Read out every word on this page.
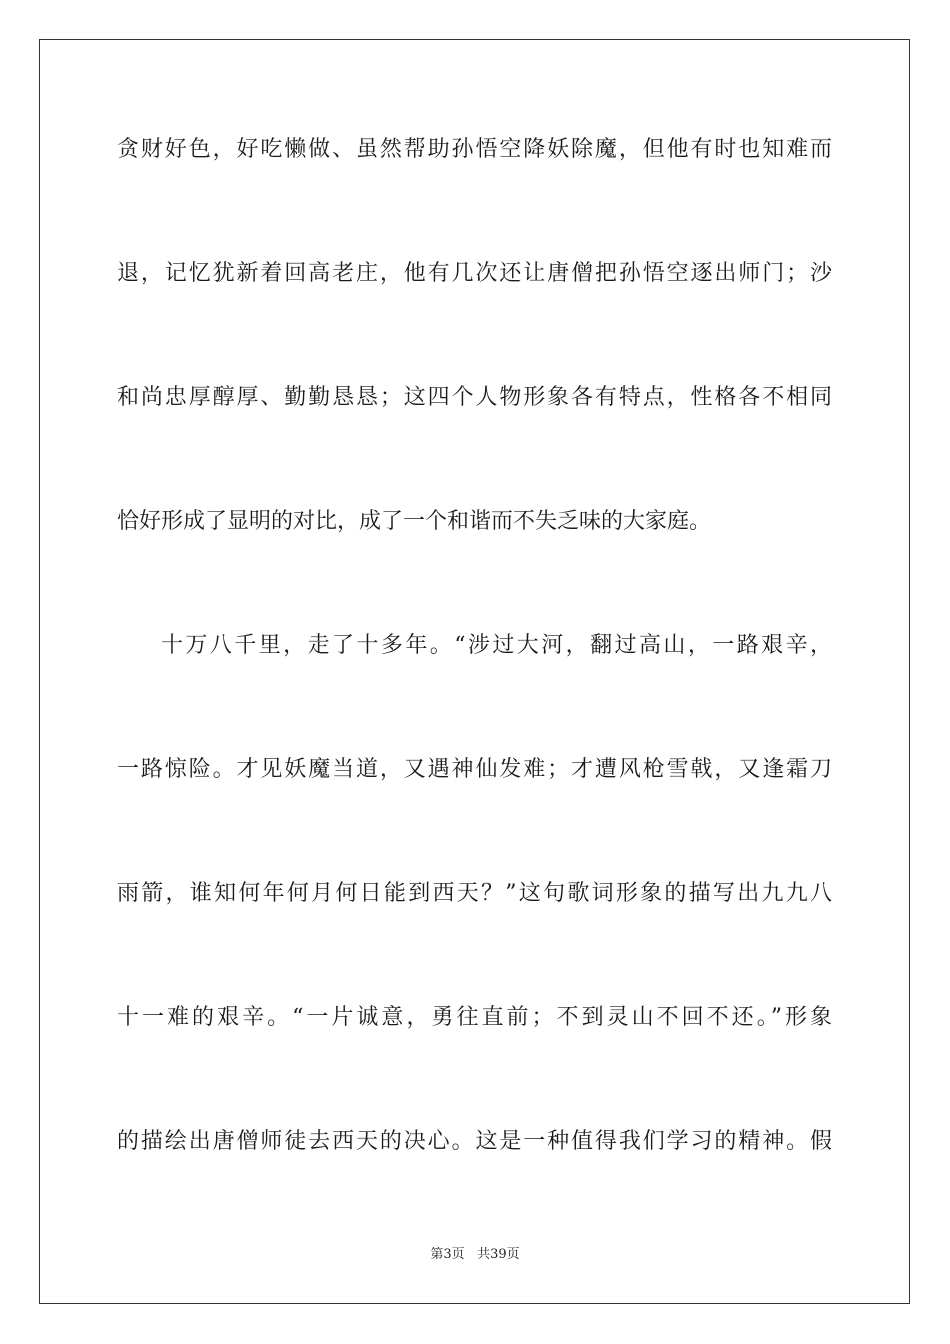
贪财好色，好吃懒做、虽然帮助孙悟空降妖除魔，但他有时也知难而
退，记忆犹新着回高老庄，他有几次还让唐僧把孙悟空逐出师门；沙
和尚忠厚醇厚、勤勤恳恳；这四个人物形象各有特点，性格各不相同
恰好形成了显明的对比，成了一个和谐而不失乏味的大家庭。
十万八千里，走了十多年。“涉过大河，翻过高山，一路艰辛，
一路惊险。才见妖魔当道，又遇神仙发难；才遭风枪雪戟，又逢霜刀
雨箭，谁知何年何月何日能到西天？”这句歌词形象的描写出九九八
十一难的艰辛。“一片诚意，勇往直前；不到灵山不回不还。”形象
的描绘出唐僧师徒去西天的决心。这是一种值得我们学习的精神。假
第3页 共39页
